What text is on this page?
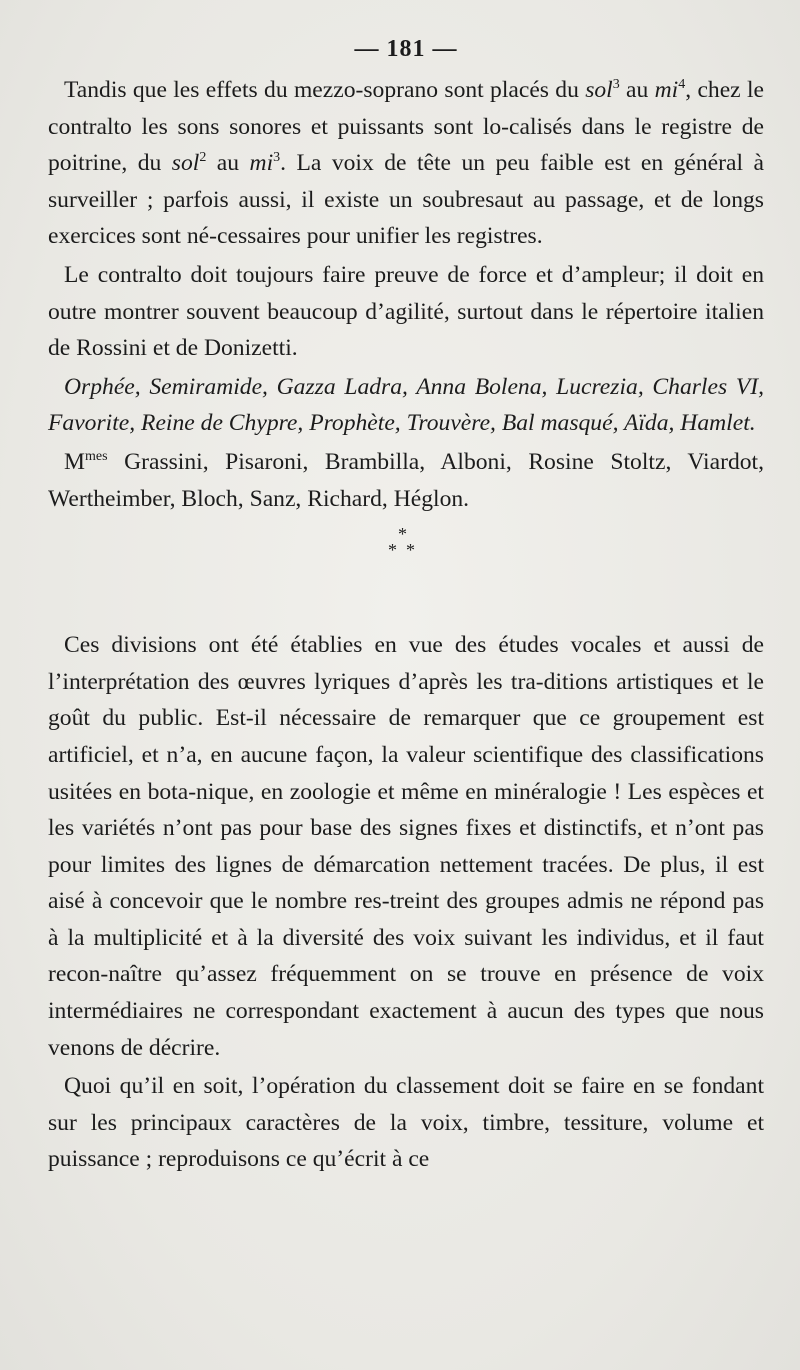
— 181 —

Tandis que les effets du mezzo-soprano sont placés du sol$^3$ au $mi^4$, chez le contralto les sons sonores et puissants sont lo-calisés dans le registre de poitrine, du sol$^2$ au $mi^3$. La voix de tête un peu faible est en général à surveiller ; parfois aussi, il existe un soubresaut au passage, et de longs exercices sont né-cessaires pour unifier les registres.

Le contralto doit toujours faire preuve de force et d’ampleur; il doit en outre montrer souvent beaucoup d’agilité, surtout dans le répertoire italien de Rossini et de Donizetti.

Orphée, Semiramide, Gazza Ladra, Anna Bolena, Lucrezia, Charles VI, Favorite, Reine de Chypre, Prophète, Trouvère, Bal masqué, Aïda, Hamlet.

$M^{mes}$ Grassini, Pisaroni, Brambilla, Alboni, Rosine Stoltz, Viardot, Wertheimber, Bloch, Sanz, Richard, Héglon.

*
* *

Ces divisions ont été établies en vue des études vocales et aussi de l’interprétation des œuvres lyriques d’après les tra-ditions artistiques et le goût du public. Est-il nécessaire de remarquer que ce groupement est artificiel, et n’a, en aucune façon, la valeur scientifique des classifications usitées en bota-nique, en zoologie et même en minéralogie ! Les espèces et les variétés n’ont pas pour base des signes fixes et distinctifs, et n’ont pas pour limites des lignes de démarcation nettement tracées. De plus, il est aisé à concevoir que le nombre res-treint des groupes admis ne répond pas à la multiplicité et à la diversité des voix suivant les individus, et il faut recon-naître qu’assez fréquemment on se trouve en présence de voix intermédiaires ne correspondant exactement à aucun des types que nous venons de décrire.

Quoi qu’il en soit, l’opération du classement doit se faire en se fondant sur les principaux caractères de la voix, timbre, tessiture, volume et puissance ; reproduisons ce qu’écrit à ce
